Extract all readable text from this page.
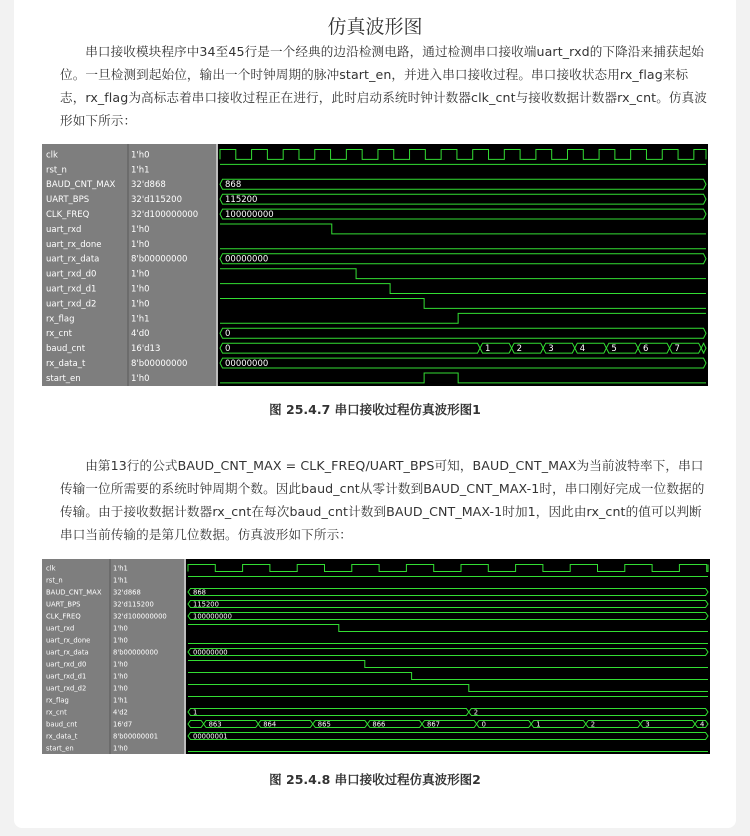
仿真波形图

串口接收模块程序中34至45行是一个经典的边沿检测电路，通过检测串口接收端uart_rxd的下降沿来捕获起始位。一旦检测到起始位，输出一个时钟周期的脉冲start_en，并进入串口接收过程。串口接收状态用rx_flag来标志，rx_flag为高标志着串口接收过程正在进行，此时启动系统时钟计数器clk_cnt与接收数据计数器rx_cnt。仿真波形如下所示：

图 25.4.7 串口接收过程仿真波形图1

由第13行的公式BAUD_CNT_MAX = CLK_FREQ/UART_BPS可知，BAUD_CNT_MAX为当前波特率下，串口传输一位所需要的系统时钟周期个数。因此baud_cnt从零计数到BAUD_CNT_MAX-1时，串口刚好完成一位数据的传输。由于接收数据计数器rx_cnt在每次baud_cnt计数到BAUD_CNT_MAX-1时加1，因此由rx_cnt的值可以判断串口当前传输的是第几位数据。仿真波形如下所示：

图 25.4.8 串口接收过程仿真波形图2
clk	1'h0
rst_n	1'h1
BAUD_CNT_MAX 32'd868	868
UART_BPS	32'd115200	115200
CLK_FREQ	32'd100000000	100000000
uart_rxd	1'h0
uart_rx_done	1'h0
uart_rx_data	8'b00000000	00000000
uart_rxd_d0	1'h0
uart_rxd_d1	1'h0
uart_rxd_d2	1'h0
rx_flag	1'h1
rx_cnt	4'd0	0
baud_cnt	16'd13	0	1	2	3	4	5	6	7
rx_data_t	8'b00000000	00000000
start_en	1'h0
clk	1'h1
rst_n	1'h1
BAUD_CNT_MAX 32'd868	868
UART_BPS	32'd115200	115200
CLK_FREQ	32'd100000000	100000000
uart_rxd	1'h0
uart_rx_done	1'h0
uart_rx_data	8'b00000000	00000000
uart_rxd_d0	1'h0
uart_rxd_d1	1'h0
uart_rxd_d2	1'h0
rx_flag	1'h1
rx_cnt	4'd2	1	2
baud_cnt	16'd7	863	864	865	866	867	0	1	2	3	4
rx_data_t	8'b00000001	00000001
start_en	1'h0
